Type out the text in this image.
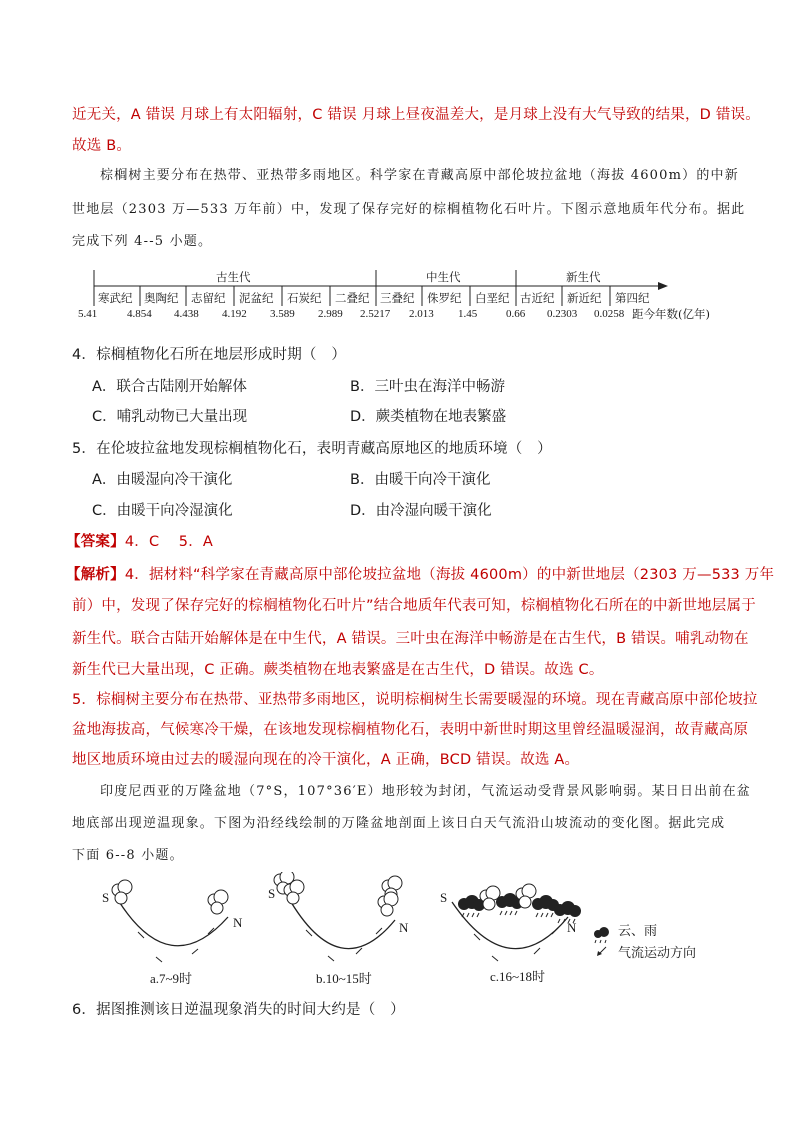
近无关，A 错误 月球上有太阳辐射，C 错误 月球上昼夜温差大，是月球上没有大气导致的结果，D 错误。
故选 B。
棕榈树主要分布在热带、亚热带多雨地区。科学家在青藏高原中部伦坡拉盆地（海拔 4600m）的中新
世地层（2303 万—533 万年前）中，发现了保存完好的棕榈植物化石叶片。下图示意地质年代分布。据此
完成下列 4--5 小题。
古生代	中生代	新生代
寒武纪 奥陶纪 志留纪 泥盆纪 石炭纪 二叠纪 三叠纪 侏罗纪 白垩纪 古近纪 新近纪 第四纪
5.41	4.854 4.438 4.192 3.589 2.989 2.5217 2.013 1.45	0.66 0.2303 0.0258 距今年数(亿年)
4．棕榈植物化石所在地层形成时期（　）
A．联合古陆刚开始解体	B．三叶虫在海洋中畅游
C．哺乳动物已大量出现	D．蕨类植物在地表繁盛
5．在伦坡拉盆地发现棕榈植物化石，表明青藏高原地区的地质环境（　）
A．由暖湿向冷干演化	B．由暖干向冷干演化
C．由暖干向冷湿演化	D．由冷湿向暖干演化
【答案】4．C　 5．A
【解析】4．据材料“科学家在青藏高原中部伦坡拉盆地（海拔 4600m）的中新世地层（2303 万—533 万年
前）中，发现了保存完好的棕榈植物化石叶片”结合地质年代表可知，棕榈植物化石所在的中新世地层属于
新生代。联合古陆开始解体是在中生代，A 错误。三叶虫在海洋中畅游是在古生代，B 错误。哺乳动物在
新生代已大量出现，C 正确。蕨类植物在地表繁盛是在古生代，D 错误。故选 C。
5．棕榈树主要分布在热带、亚热带多雨地区，说明棕榈树生长需要暖湿的环境。现在青藏高原中部伦坡拉
盆地海拔高，气候寒冷干燥，在该地发现棕榈植物化石，表明中新世时期这里曾经温暖湿润，故青藏高原
地区地质环境由过去的暖湿向现在的冷干演化，A 正确，BCD 错误。故选 A。
印度尼西亚的万隆盆地（7°S，107°36′E）地形较为封闭，气流运动受背景风影响弱。某日日出前在盆
地底部出现逆温现象。下图为沿经线绘制的万隆盆地剖面上该日白天气流沿山坡流动的变化图。据此完成
下面 6--8 小题。
S
N
S
N
S
N
a.7~9时	b.10~15时	c.16~18时
云、雨
气流运动方向
6．据图推测该日逆温现象消失的时间大约是（　）
